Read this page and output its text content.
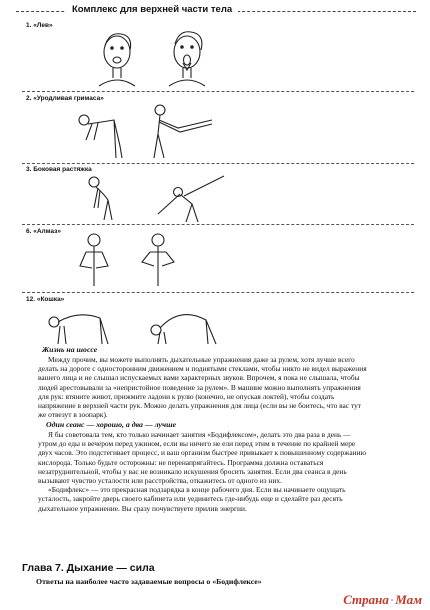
Комплекс для верхней части тела
1. «Лев»
2. «Уродливая гримаса»
3. Боковая растяжка
6. «Алмаз»
12. «Кошка»
Жизнь на шоссе
Между прочим, вы можете выполнять дыхательные упражнения даже за рулем, хотя лучше всего
делать на дороге с односторонним движением и поднятыми стеклами, чтобы никто не видел выражения
вашего лица и не слышал испускаемых вами характерных звуков. Впрочем, я пока не слышала, чтобы
людей арестовывали за «непристойное поведение за рулем». В машине можно выполнять упражнения
для рук: втяните живот, прижмите ладони к рулю (конечно, не опуская локтей), чтобы создать
напряжение в верхней части рук. Можно делать упражнения для лица (если вы не боитесь, что вас тут
же отвезут в зоопарк).
Один сеанс — хорошо, а два — лучше
Я бы советовала тем, кто только начинает занятия «Бодифлексом», делать это два раза в день —
утром до еды и вечером перед ужином, если вы ничего не ели перед этим в течение по крайней мере
двух часов. Это подстегивает процесс, и ваш организм быстрее привыкает к повышенному содержанию
кислорода. Только будьте осторожны: не перенапрягайтесь. Программа должна оставаться
незатруднительной, чтобы у вас не возникало искушения бросить занятия. Если два сеанса в день
вызывают чувство усталости или расстройства, откажитесь от одного из них.
«Бодифлекс» — это прекрасная подзарядка в конце рабочего дня. Если вы начинаете ощущать
усталость, закройте дверь своего кабинета или уединитесь где-нибудь еще и сделайте раз десять
дыхательное упражнение. Вы сразу почувствуете прилив энергии.
Глава 7. Дыхание — сила
Ответы на наиболее часто задаваемые вопросы о «Бодифлексе»
Страна·Мам
